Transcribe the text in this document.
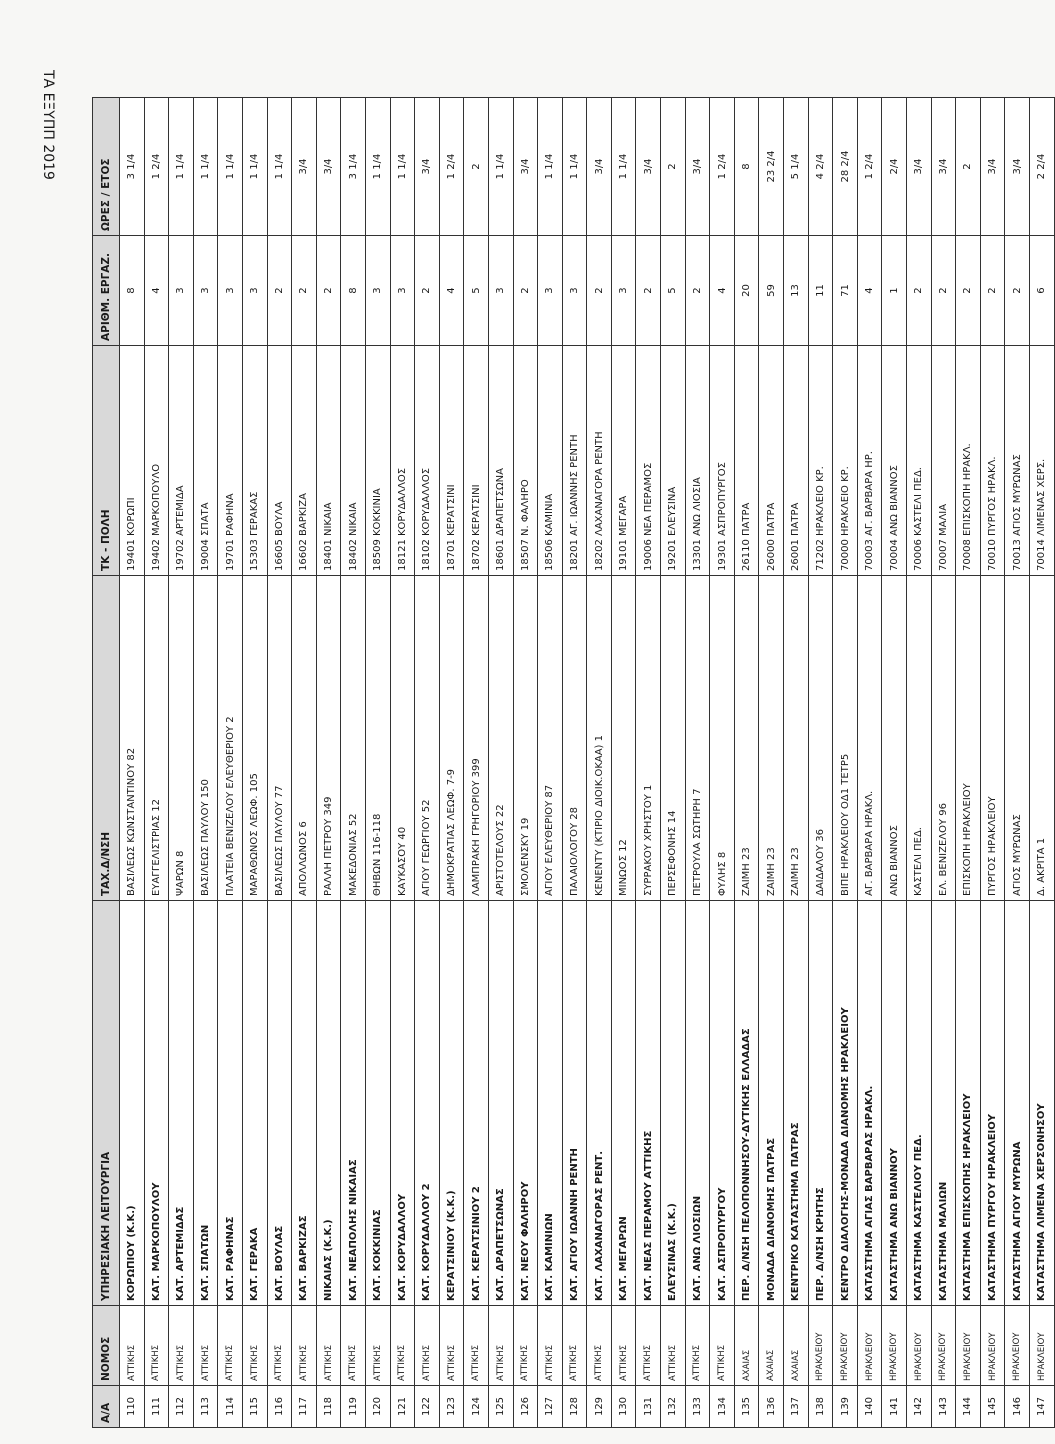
ΤΑ ΕΞΥΠΠ 2019
Α/Α	ΝΟΜΟΣ	ΥΠΗΡΕΣΙΑΚΗ ΛΕΙΤΟΥΡΓΙΑ	ΤΑΧ.Δ/ΝΣΗ	ΤΚ - ΠΟΛΗ	ΑΡΙΘΜ. ΕΡΓΑΖ.	ΩΡΕΣ / ΕΤΟΣ
110	ΑΤΤΙΚΗΣ	ΚΟΡΩΠΙΟΥ (Κ.Κ.)	ΒΑΣΙΛΕΩΣ ΚΩΝΣΤΑΝΤΙΝΟΥ 82	19401 ΚΟΡΩΠΙ	8	3 1/4
111	ΑΤΤΙΚΗΣ	ΚΑΤ. ΜΑΡΚΟΠΟΥΛΟΥ	ΕΥΑΓΓΕΛΙΣΤΡΙΑΣ 12	19402 ΜΑΡΚΟΠΟΥΛΟ	4	1 2/4
112	ΑΤΤΙΚΗΣ	ΚΑΤ. ΑΡΤΕΜΙΔΑΣ	ΨΑΡΩΝ 8	19702 ΑΡΤΕΜΙΔΑ	3	1 1/4
113	ΑΤΤΙΚΗΣ	ΚΑΤ. ΣΠΑΤΩΝ	ΒΑΣΙΛΕΩΣ ΠΑΥΛΟΥ 150	19004 ΣΠΑΤΑ	3	1 1/4
114	ΑΤΤΙΚΗΣ	ΚΑΤ. ΡΑΦΗΝΑΣ	ΠΛΑΤΕΙΑ ΒΕΝΙΖΕΛΟΥ ΕΛΕΥΘΕΡΙΟΥ 2	19701 ΡΑΦΗΝΑ	3	1 1/4
115	ΑΤΤΙΚΗΣ	ΚΑΤ. ΓΕΡΑΚΑ	ΜΑΡΑΘΩΝΟΣ ΛΕΩΦ. 105	15303 ΓΕΡΑΚΑΣ	3	1 1/4
116	ΑΤΤΙΚΗΣ	ΚΑΤ. ΒΟΥΛΑΣ	ΒΑΣΙΛΕΩΣ ΠΑΥΛΟΥ 77	16605 ΒΟΥΛΑ	2	1 1/4
117	ΑΤΤΙΚΗΣ	ΚΑΤ. ΒΑΡΚΙΖΑΣ	ΑΠΟΛΛΩΝΟΣ 6	16602 ΒΑΡΚΙΖΑ	2	3/4
118	ΑΤΤΙΚΗΣ	ΝΙΚΑΙΑΣ (Κ.Κ.)	ΡΑΛΛΗ ΠΕΤΡΟΥ 349	18401 ΝΙΚΑΙΑ	2	3/4
119	ΑΤΤΙΚΗΣ	ΚΑΤ. ΝΕΑΠΟΛΗΣ ΝΙΚΑΙΑΣ	ΜΑΚΕΔΟΝΙΑΣ 52	18402 ΝΙΚΑΙΑ	8	3 1/4
120	ΑΤΤΙΚΗΣ	ΚΑΤ. ΚΟΚΚΙΝΙΑΣ	ΘΗΒΩΝ 116-118	18509 ΚΟΚΚΙΝΙΑ	3	1 1/4
121	ΑΤΤΙΚΗΣ	ΚΑΤ. ΚΟΡΥΔΑΛΛΟΥ	ΚΑΥΚΑΣΟΥ 40	18121 ΚΟΡΥΔΑΛΛΟΣ	3	1 1/4
122	ΑΤΤΙΚΗΣ	ΚΑΤ. ΚΟΡΥΔΑΛΛΟΥ 2	ΑΓΙΟΥ ΓΕΩΡΓΙΟΥ 52	18102 ΚΟΡΥΔΑΛΛΟΣ	2	3/4
123	ΑΤΤΙΚΗΣ	ΚΕΡΑΤΣΙΝΙΟΥ (Κ.Κ.)	ΔΗΜΟΚΡΑΤΙΑΣ ΛΕΩΦ. 7-9	18701 ΚΕΡΑΤΣΙΝΙ	4	1 2/4
124	ΑΤΤΙΚΗΣ	ΚΑΤ. ΚΕΡΑΤΣΙΝΙΟΥ 2	ΛΑΜΠΡΑΚΗ ΓΡΗΓΟΡΙΟΥ 399	18702 ΚΕΡΑΤΣΙΝΙ	5	2
125	ΑΤΤΙΚΗΣ	ΚΑΤ. ΔΡΑΠΕΤΣΩΝΑΣ	ΑΡΙΣΤΟΤΕΛΟΥΣ 22	18601 ΔΡΑΠΕΤΣΩΝΑ	3	1 1/4
126	ΑΤΤΙΚΗΣ	ΚΑΤ. ΝΕΟΥ ΦΑΛΗΡΟΥ	ΣΜΟΛΕΝΣΚΥ 19	18507 Ν. ΦΑΛΗΡΟ	2	3/4
127	ΑΤΤΙΚΗΣ	ΚΑΤ. ΚΑΜΙΝΙΩΝ	ΑΓΙΟΥ ΕΛΕΥΘΕΡΙΟΥ 87	18506 ΚΑΜΙΝΙΑ	3	1 1/4
128	ΑΤΤΙΚΗΣ	ΚΑΤ. ΑΓΙΟΥ ΙΩΑΝΝΗ ΡΕΝΤΗ	ΠΑΛΑΙΟΛΟΓΟΥ 28	18201 ΑΓ. ΙΩΑΝΝΗΣ ΡΕΝΤΗ	3	1 1/4
129	ΑΤΤΙΚΗΣ	ΚΑΤ. ΛΑΧΑΝΑΓΟΡΑΣ ΡΕΝΤ.	ΚΕΝΕΝΤΥ (ΚΤΙΡΙΟ ΔΙΟΙΚ.ΟΚΑΑ) 1	18202 ΛΑΧΑΝΑΓΟΡΑ ΡΕΝΤΗ	2	3/4
130	ΑΤΤΙΚΗΣ	ΚΑΤ. ΜΕΓΑΡΩΝ	ΜΙΝΩΟΣ 12	19101 ΜΕΓΑΡΑ	3	1 1/4
131	ΑΤΤΙΚΗΣ	ΚΑΤ. ΝΕΑΣ ΠΕΡΑΜΟΥ ΑΤΤΙΚΗΣ	ΣΥΡΡΑΚΟΥ ΧΡΗΣΤΟΥ 1	19006 ΝΕΑ ΠΕΡΑΜΟΣ	2	3/4
132	ΑΤΤΙΚΗΣ	ΕΛΕΥΣΙΝΑΣ (Κ.Κ.)	ΠΕΡΣΕΦΟΝΗΣ 14	19201 ΕΛΕΥΣΙΝΑ	5	2
133	ΑΤΤΙΚΗΣ	ΚΑΤ. ΑΝΩ ΛΙΟΣΙΩΝ	ΠΕΤΡΟΥΛΑ ΣΩΤΗΡΗ 7	13301 ΑΝΩ ΛΙΟΣΙΑ	2	3/4
134	ΑΤΤΙΚΗΣ	ΚΑΤ. ΑΣΠΡΟΠΥΡΓΟΥ	ΦΥΛΗΣ 8	19301 ΑΣΠΡΟΠΥΡΓΟΣ	4	1 2/4
135	ΑΧΑΙΑΣ	ΠΕΡ. Δ/ΝΣΗ ΠΕΛΟΠΟΝΝΗΣΟΥ-ΔΥΤΙΚΗΣ ΕΛΛΑΔΑΣ	ΖΑΙΜΗ 23	26110 ΠΑΤΡΑ	20	8
136	ΑΧΑΙΑΣ	ΜΟΝΑΔΑ ΔΙΑΝΟΜΗΣ ΠΑΤΡΑΣ	ΖΑΙΜΗ 23	26000 ΠΑΤΡΑ	59	23 2/4
137	ΑΧΑΙΑΣ	ΚΕΝΤΡΙΚΟ ΚΑΤΑΣΤΗΜΑ ΠΑΤΡΑΣ	ΖΑΙΜΗ 23	26001 ΠΑΤΡΑ	13	5 1/4
138	ΗΡΑΚΛΕΙΟΥ	ΠΕΡ. Δ/ΝΣΗ ΚΡΗΤΗΣ	ΔΑΙΔΑΛΟΥ 36	71202 ΗΡΑΚΛΕΙΟ ΚΡ.	11	4 2/4
139	ΗΡΑΚΛΕΙΟΥ	ΚΕΝΤΡΟ ΔΙΑΛΟΓΗΣ-ΜΟΝΑΔΑ ΔΙΑΝΟΜΗΣ ΗΡΑΚΛΕΙΟΥ	ΒΙΠΕ ΗΡΑΚΛΕΙΟΥ ΟΔ1 ΤΕΤΡ5	70000 ΗΡΑΚΛΕΙΟ ΚΡ.	71	28 2/4
140	ΗΡΑΚΛΕΙΟΥ	ΚΑΤΑΣΤΗΜΑ ΑΓΙΑΣ ΒΑΡΒΑΡΑΣ ΗΡΑΚΛ.	ΑΓ. ΒΑΡΒΑΡΑ ΗΡΑΚΛ.	70003 ΑΓ. ΒΑΡΒΑΡΑ ΗΡ.	4	1 2/4
141	ΗΡΑΚΛΕΙΟΥ	ΚΑΤΑΣΤΗΜΑ ΑΝΩ ΒΙΑΝΝΟΥ	ΑΝΩ ΒΙΑΝΝΟΣ	70004 ΑΝΩ ΒΙΑΝΝΟΣ	1	2/4
142	ΗΡΑΚΛΕΙΟΥ	ΚΑΤΑΣΤΗΜΑ ΚΑΣΤΕΛΙΟΥ ΠΕΔ.	ΚΑΣΤΕΛΙ ΠΕΔ.	70006 ΚΑΣΤΕΛΙ ΠΕΔ.	2	3/4
143	ΗΡΑΚΛΕΙΟΥ	ΚΑΤΑΣΤΗΜΑ ΜΑΛΙΩΝ	ΕΛ. ΒΕΝΙΖΕΛΟΥ 96	70007 ΜΑΛΙΑ	2	3/4
144	ΗΡΑΚΛΕΙΟΥ	ΚΑΤΑΣΤΗΜΑ ΕΠΙΣΚΟΠΗΣ ΗΡΑΚΛΕΙΟΥ	ΕΠΙΣΚΟΠΗ ΗΡΑΚΛΕΙΟΥ	70008 ΕΠΙΣΚΟΠΗ ΗΡΑΚΛ.	2	2
145	ΗΡΑΚΛΕΙΟΥ	ΚΑΤΑΣΤΗΜΑ ΠΥΡΓΟΥ ΗΡΑΚΛΕΙΟΥ	ΠΥΡΓΟΣ ΗΡΑΚΛΕΙΟΥ	70010 ΠΥΡΓΟΣ ΗΡΑΚΛ.	2	3/4
146	ΗΡΑΚΛΕΙΟΥ	ΚΑΤΑΣΤΗΜΑ ΑΓΙΟΥ ΜΥΡΩΝΑ	ΑΓΙΟΣ ΜΥΡΩΝΑΣ	70013 ΑΓΙΟΣ ΜΥΡΩΝΑΣ	2	3/4
147	ΗΡΑΚΛΕΙΟΥ	ΚΑΤΑΣΤΗΜΑ ΛΙΜΕΝΑ ΧΕΡΣΟΝΗΣΟΥ	Δ. ΑΚΡΙΤΑ 1	70014 ΛΙΜΕΝΑΣ ΧΕΡΣ.	6	2 2/4
